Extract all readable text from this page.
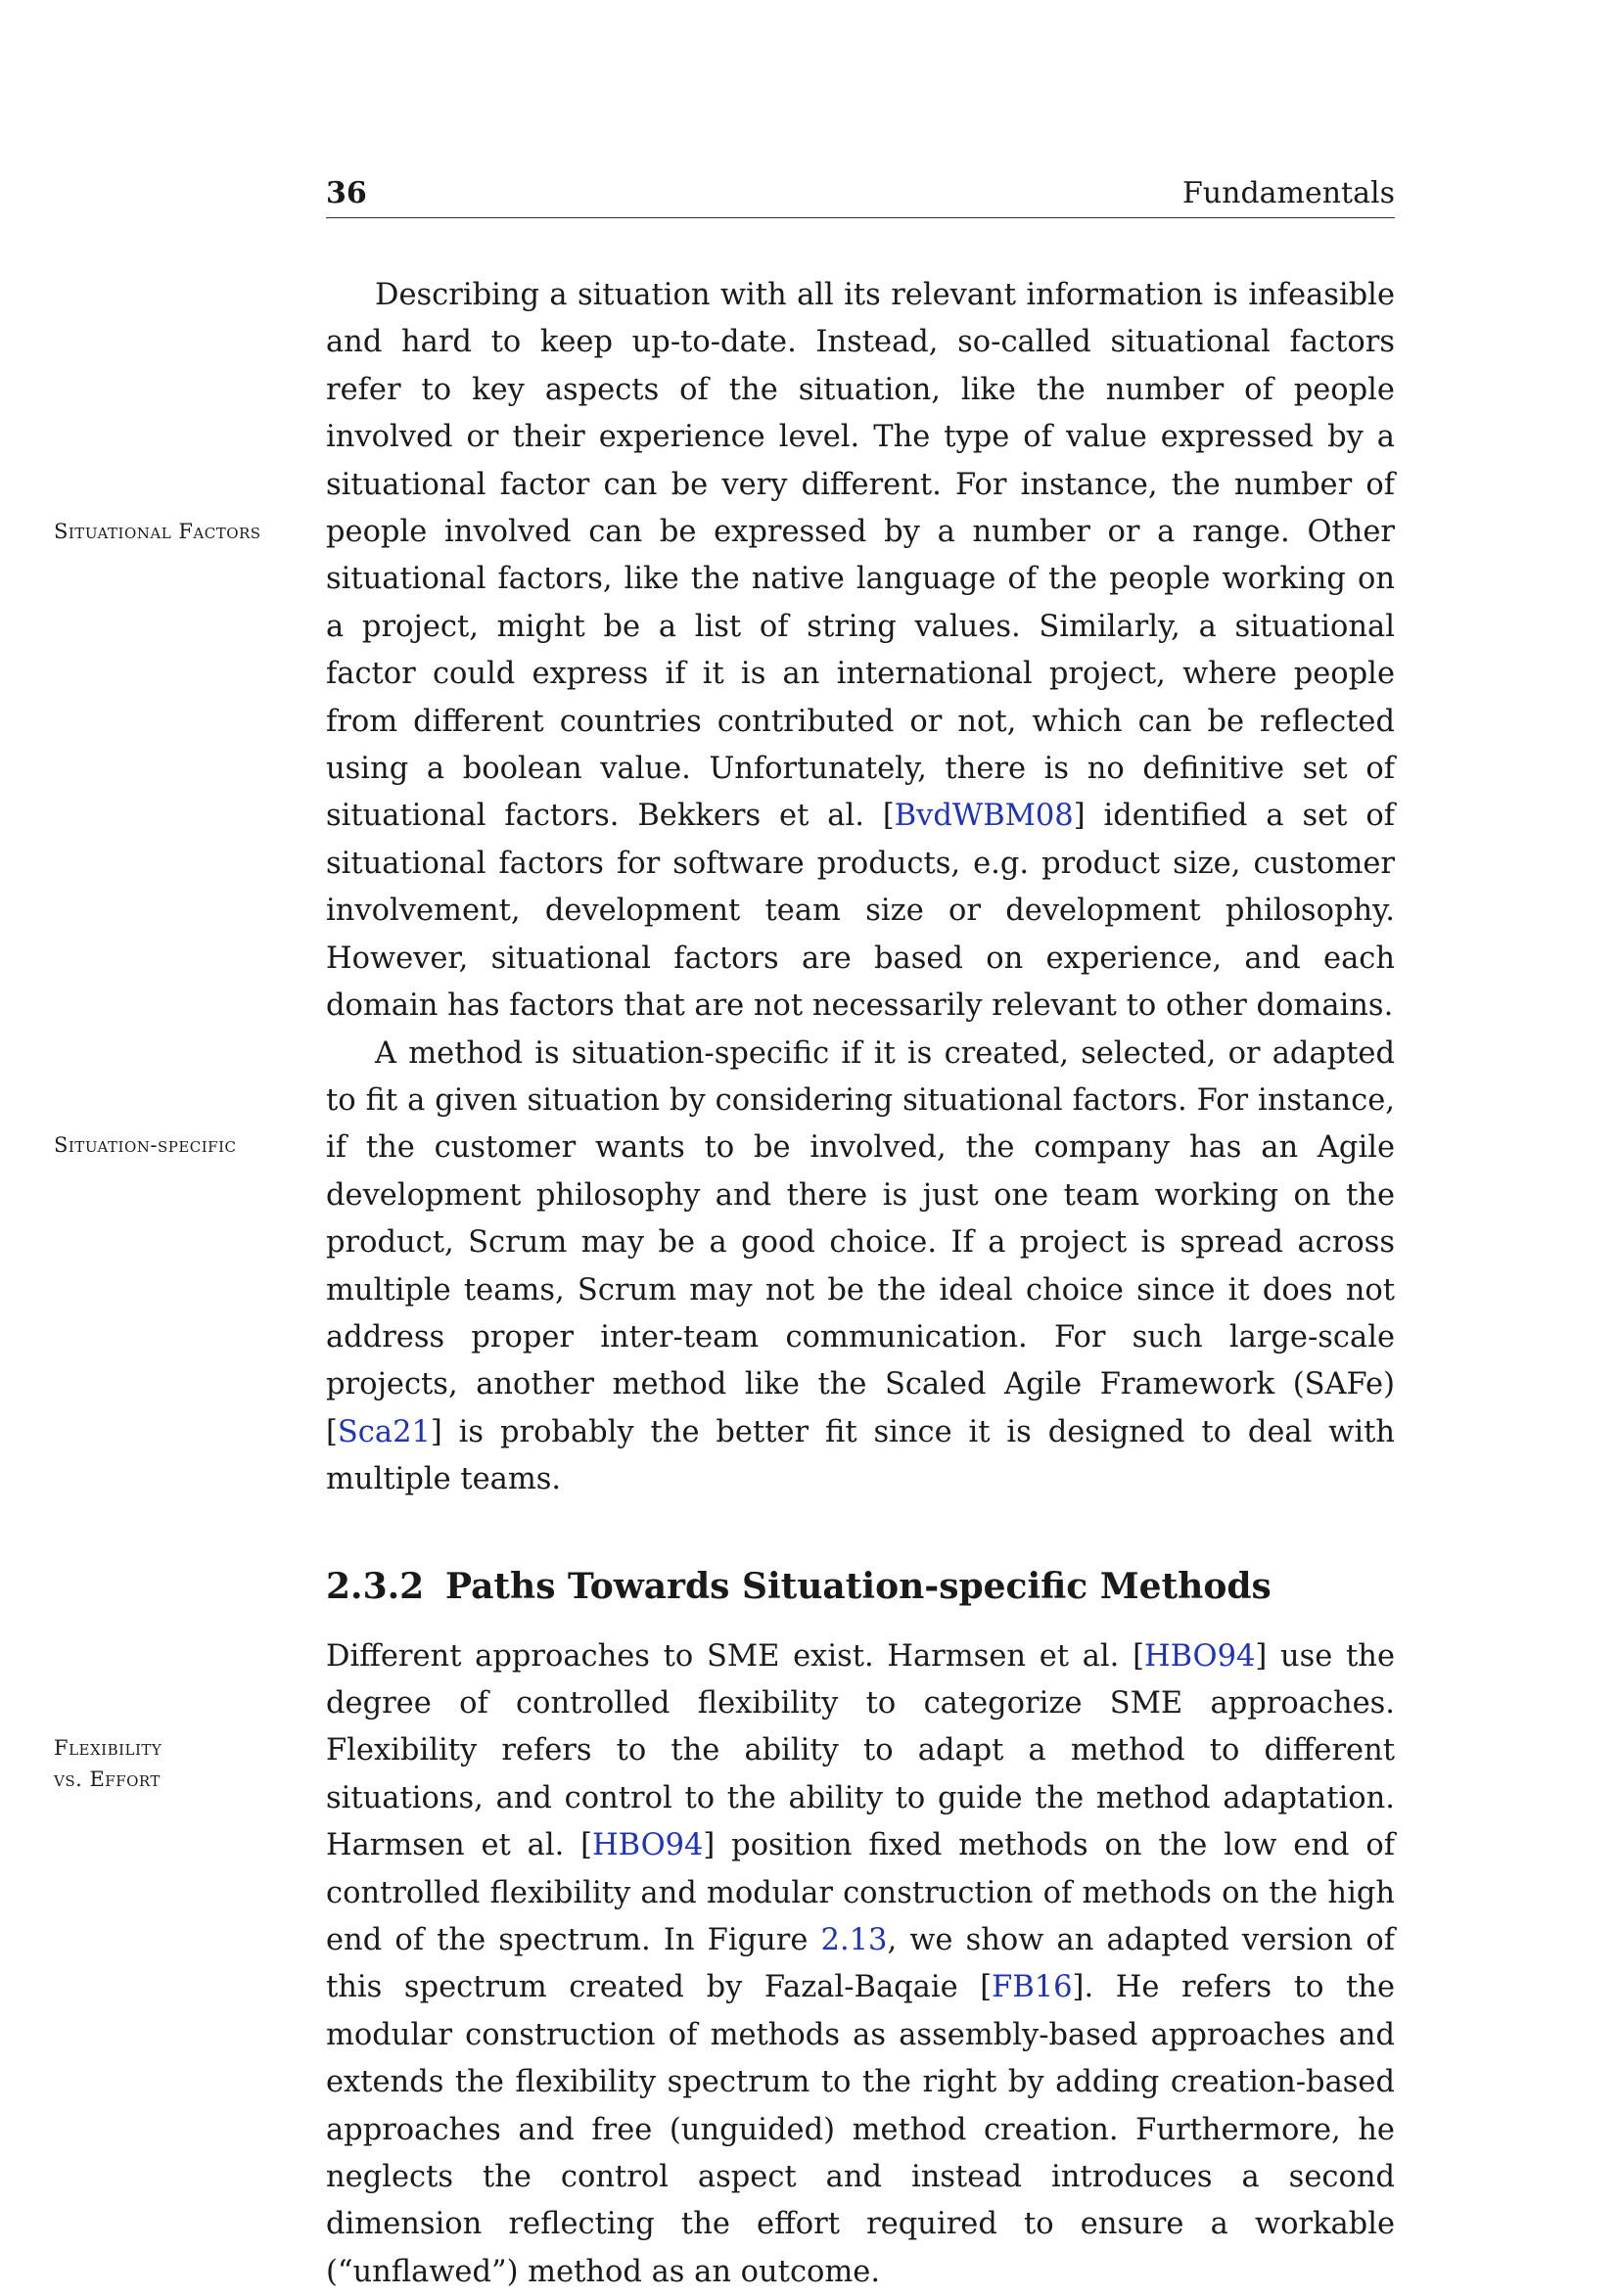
36	Fundamentals
Situational Factors
Situation-specific
Flexibility
vs. Effort

Describing a situation with all its relevant information is infeasible and hard to keep up-to-date. Instead, so-called situational factors refer to key aspects of the situation, like the number of people involved or their experience level. The type of value expressed by a situational factor can be very different. For instance, the number of people involved can be expressed by a number or a range. Other situational factors, like the native language of the people working on a project, might be a list of string values. Similarly, a situational factor could express if it is an international project, where people from different countries contributed or not, which can be reflected using a boolean value. Unfortunately, there is no definitive set of situational factors. Bekkers et al. [BvdWBM08] identified a set of situational factors for software products, e.g. product size, customer involvement, development team size or development philosophy. However, situational factors are based on experience, and each domain has factors that are not necessarily relevant to other domains.

A method is situation-specific if it is created, selected, or adapted to fit a given situation by considering situational factors. For instance, if the customer wants to be involved, the company has an Agile development philosophy and there is just one team working on the product, Scrum may be a good choice. If a project is spread across multiple teams, Scrum may not be the ideal choice since it does not address proper inter-team communication. For such large-scale projects, another method like the Scaled Agile Framework (SAFe) [Sca21] is probably the better fit since it is designed to deal with multiple teams.

2.3.2 Paths Towards Situation-specific Methods

Different approaches to SME exist. Harmsen et al. [HBO94] use the degree of controlled flexibility to categorize SME approaches. Flexibility refers to the ability to adapt a method to different situations, and control to the ability to guide the method adaptation. Harmsen et al. [HBO94] position fixed methods on the low end of controlled flexibility and modular construction of methods on the high end of the spectrum. In Figure 2.13, we show an adapted version of this spectrum created by Fazal-Baqaie [FB16]. He refers to the modular construction of methods as assembly-based approaches and extends the flexibility spectrum to the right by adding creation-based approaches and free (unguided) method creation. Furthermore, he neglects the control aspect and instead introduces a second dimension reflecting the effort required to ensure a workable (“unflawed”) method as an outcome.
